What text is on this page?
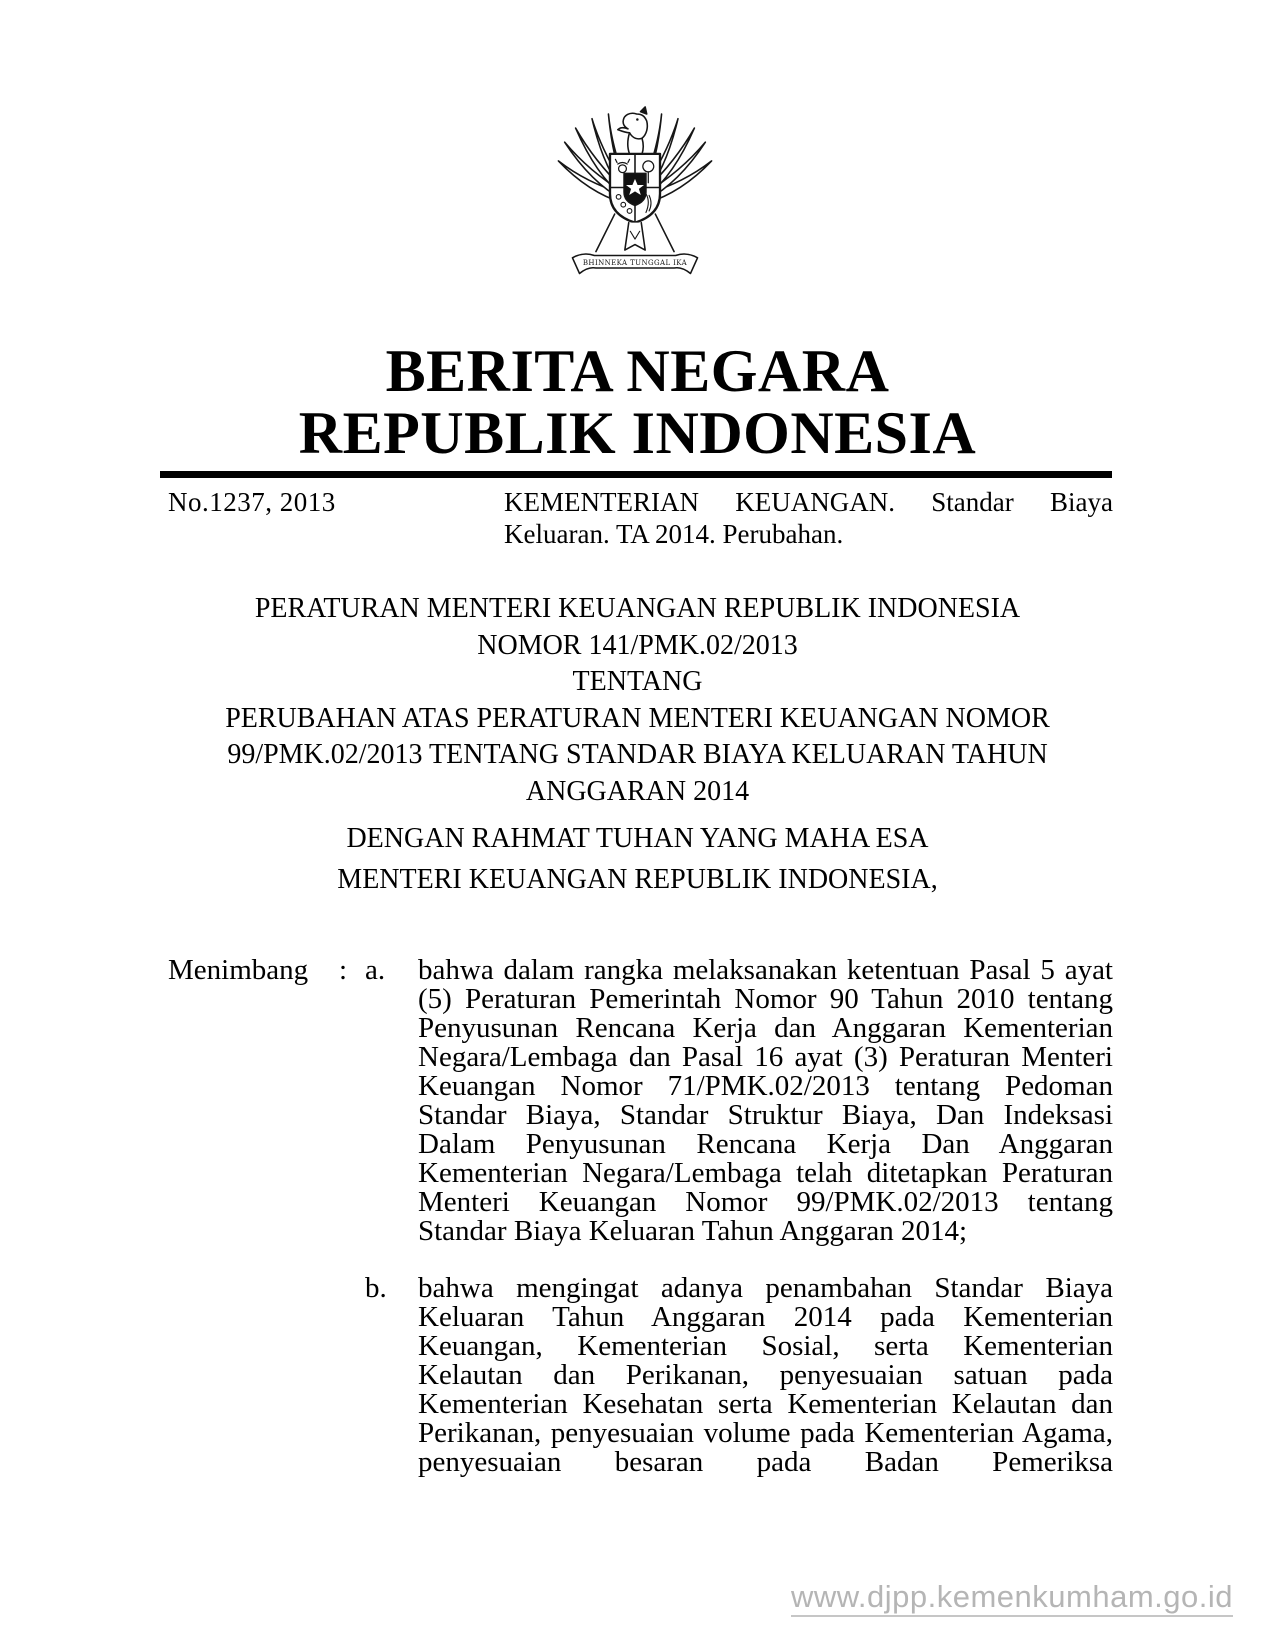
BHINNEKA TUNGGAL IKA
BERITA NEGARA
REPUBLIK INDONESIA
No.1237, 2013	KEMENTERIAN KEUANGAN. Standar Biaya Keluaran. TA 2014. Perubahan.
PERATURAN MENTERI KEUANGAN REPUBLIK INDONESIA
NOMOR 141/PMK.02/2013
TENTANG
PERUBAHAN ATAS PERATURAN MENTERI KEUANGAN NOMOR
99/PMK.02/2013 TENTANG STANDAR BIAYA KELUARAN TAHUN
ANGGARAN 2014
DENGAN RAHMAT TUHAN YANG MAHA ESA
MENTERI KEUANGAN REPUBLIK INDONESIA,
Menimbang	: a.	bahwa dalam rangka melaksanakan ketentuan Pasal 5 ayat (5) Peraturan Pemerintah Nomor 90 Tahun 2010 tentang Penyusunan Rencana Kerja dan Anggaran Kementerian Negara/Lembaga dan Pasal 16 ayat (3) Peraturan Menteri Keuangan Nomor 71/PMK.02/2013 tentang Pedoman Standar Biaya, Standar Struktur Biaya, Dan Indeksasi Dalam Penyusunan Rencana Kerja Dan Anggaran Kementerian Negara/Lembaga telah ditetapkan Peraturan Menteri Keuangan Nomor 99/PMK.02/2013 tentang Standar Biaya Keluaran Tahun Anggaran 2014;
b.	bahwa mengingat adanya penambahan Standar Biaya Keluaran Tahun Anggaran 2014 pada Kementerian Keuangan, Kementerian Sosial, serta Kementerian Kelautan dan Perikanan, penyesuaian satuan pada Kementerian Kesehatan serta Kementerian Kelautan dan Perikanan, penyesuaian volume pada Kementerian Agama, penyesuaian besaran pada Badan Pemeriksa
www.djpp.kemenkumham.go.id
